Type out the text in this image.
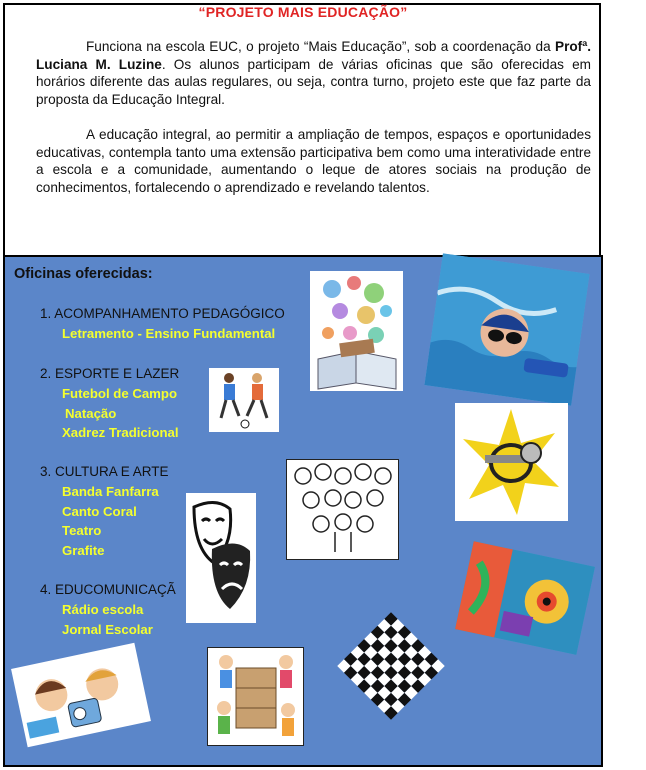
“PROJETO MAIS EDUCAÇÃO”
Funciona na escola EUC, o projeto “Mais Educação”, sob a coordenação da Profª. Luciana M. Luzine. Os alunos participam de várias oficinas que são oferecidas em horários diferente das aulas regulares, ou seja, contra turno, projeto este que faz parte da proposta da Educação Integral.
A educação integral, ao permitir a ampliação de tempos, espaços e oportunidades educativas, contempla tanto uma extensão participativa bem como uma interatividade entre a escola e a comunidade, aumentando o leque de atores sociais na produção de conhecimentos, fortalecendo o aprendizado e revelando talentos.
Oficinas oferecidas:
1. ACOMPANHAMENTO PEDAGÓGICO
Letramento - Ensino Fundamental
2. ESPORTE E LAZER
Futebol de Campo
Natação
Xadrez Tradicional
3. CULTURA E ARTE
Banda Fanfarra
Canto Coral
Teatro
Grafite
4. EDUCOMUNICAÇÃ
Rádio escola
Jornal Escolar
